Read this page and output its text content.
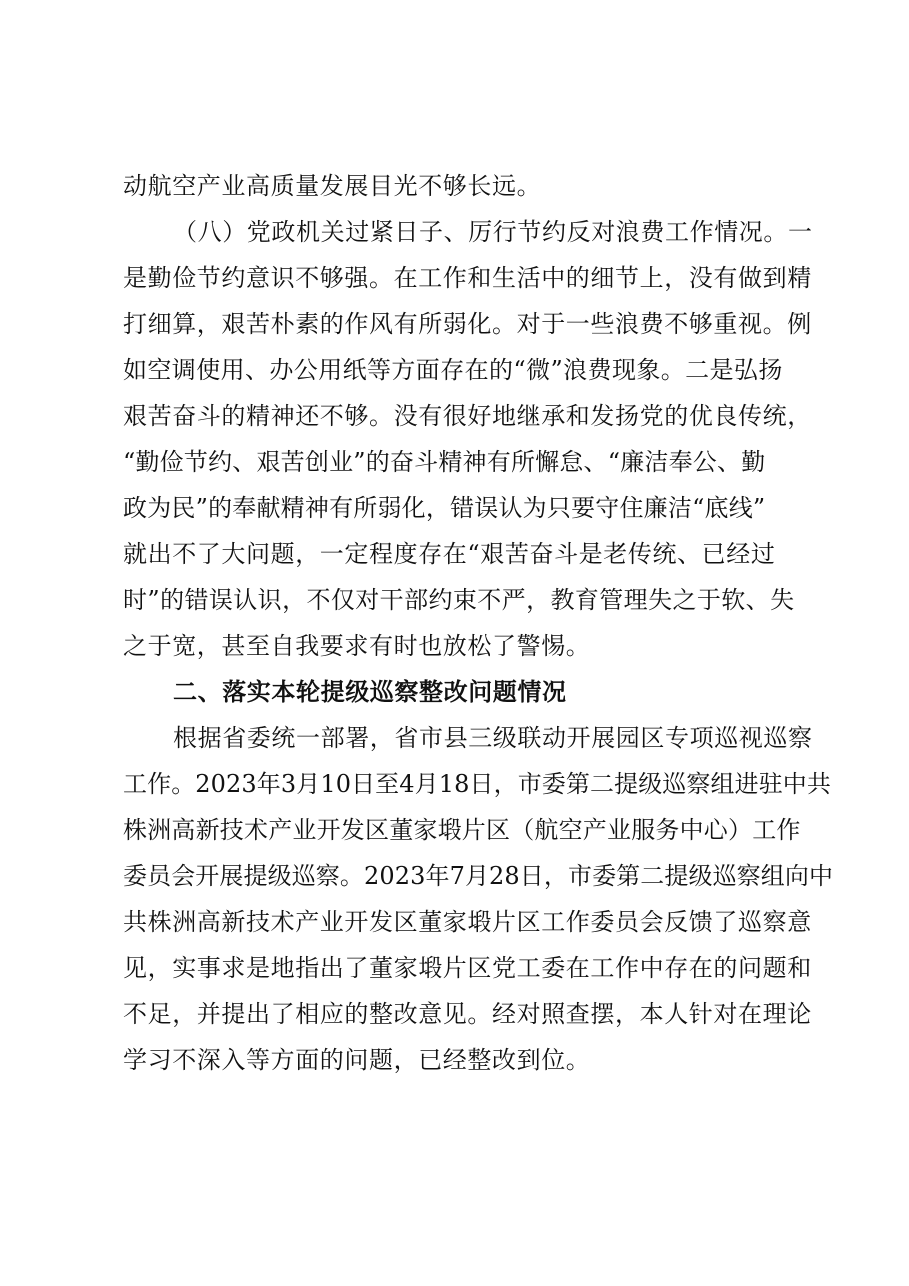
动航空产业高质量发展目光不够长远。
（八）党政机关过紧日子、厉行节约反对浪费工作情况。一
是勤俭节约意识不够强。在工作和生活中的细节上，没有做到精
打细算，艰苦朴素的作风有所弱化。对于一些浪费不够重视。例
如空调使用、办公用纸等方面存在的“微”浪费现象。二是弘扬
艰苦奋斗的精神还不够。没有很好地继承和发扬党的优良传统，
“勤俭节约、艰苦创业”的奋斗精神有所懈怠、“廉洁奉公、勤
政为民”的奉献精神有所弱化，错误认为只要守住廉洁“底线”
就出不了大问题，一定程度存在“艰苦奋斗是老传统、已经过
时”的错误认识，不仅对干部约束不严，教育管理失之于软、失
之于宽，甚至自我要求有时也放松了警惕。
二、落实本轮提级巡察整改问题情况
根据省委统一部署，省市县三级联动开展园区专项巡视巡察
工作。2023年3月10日至4月18日，市委第二提级巡察组进驻中共
株洲高新技术产业开发区董家塅片区（航空产业服务中心）工作
委员会开展提级巡察。2023年7月28日，市委第二提级巡察组向中
共株洲高新技术产业开发区董家塅片区工作委员会反馈了巡察意
见，实事求是地指出了董家塅片区党工委在工作中存在的问题和
不足，并提出了相应的整改意见。经对照查摆，本人针对在理论
学习不深入等方面的问题，已经整改到位。
